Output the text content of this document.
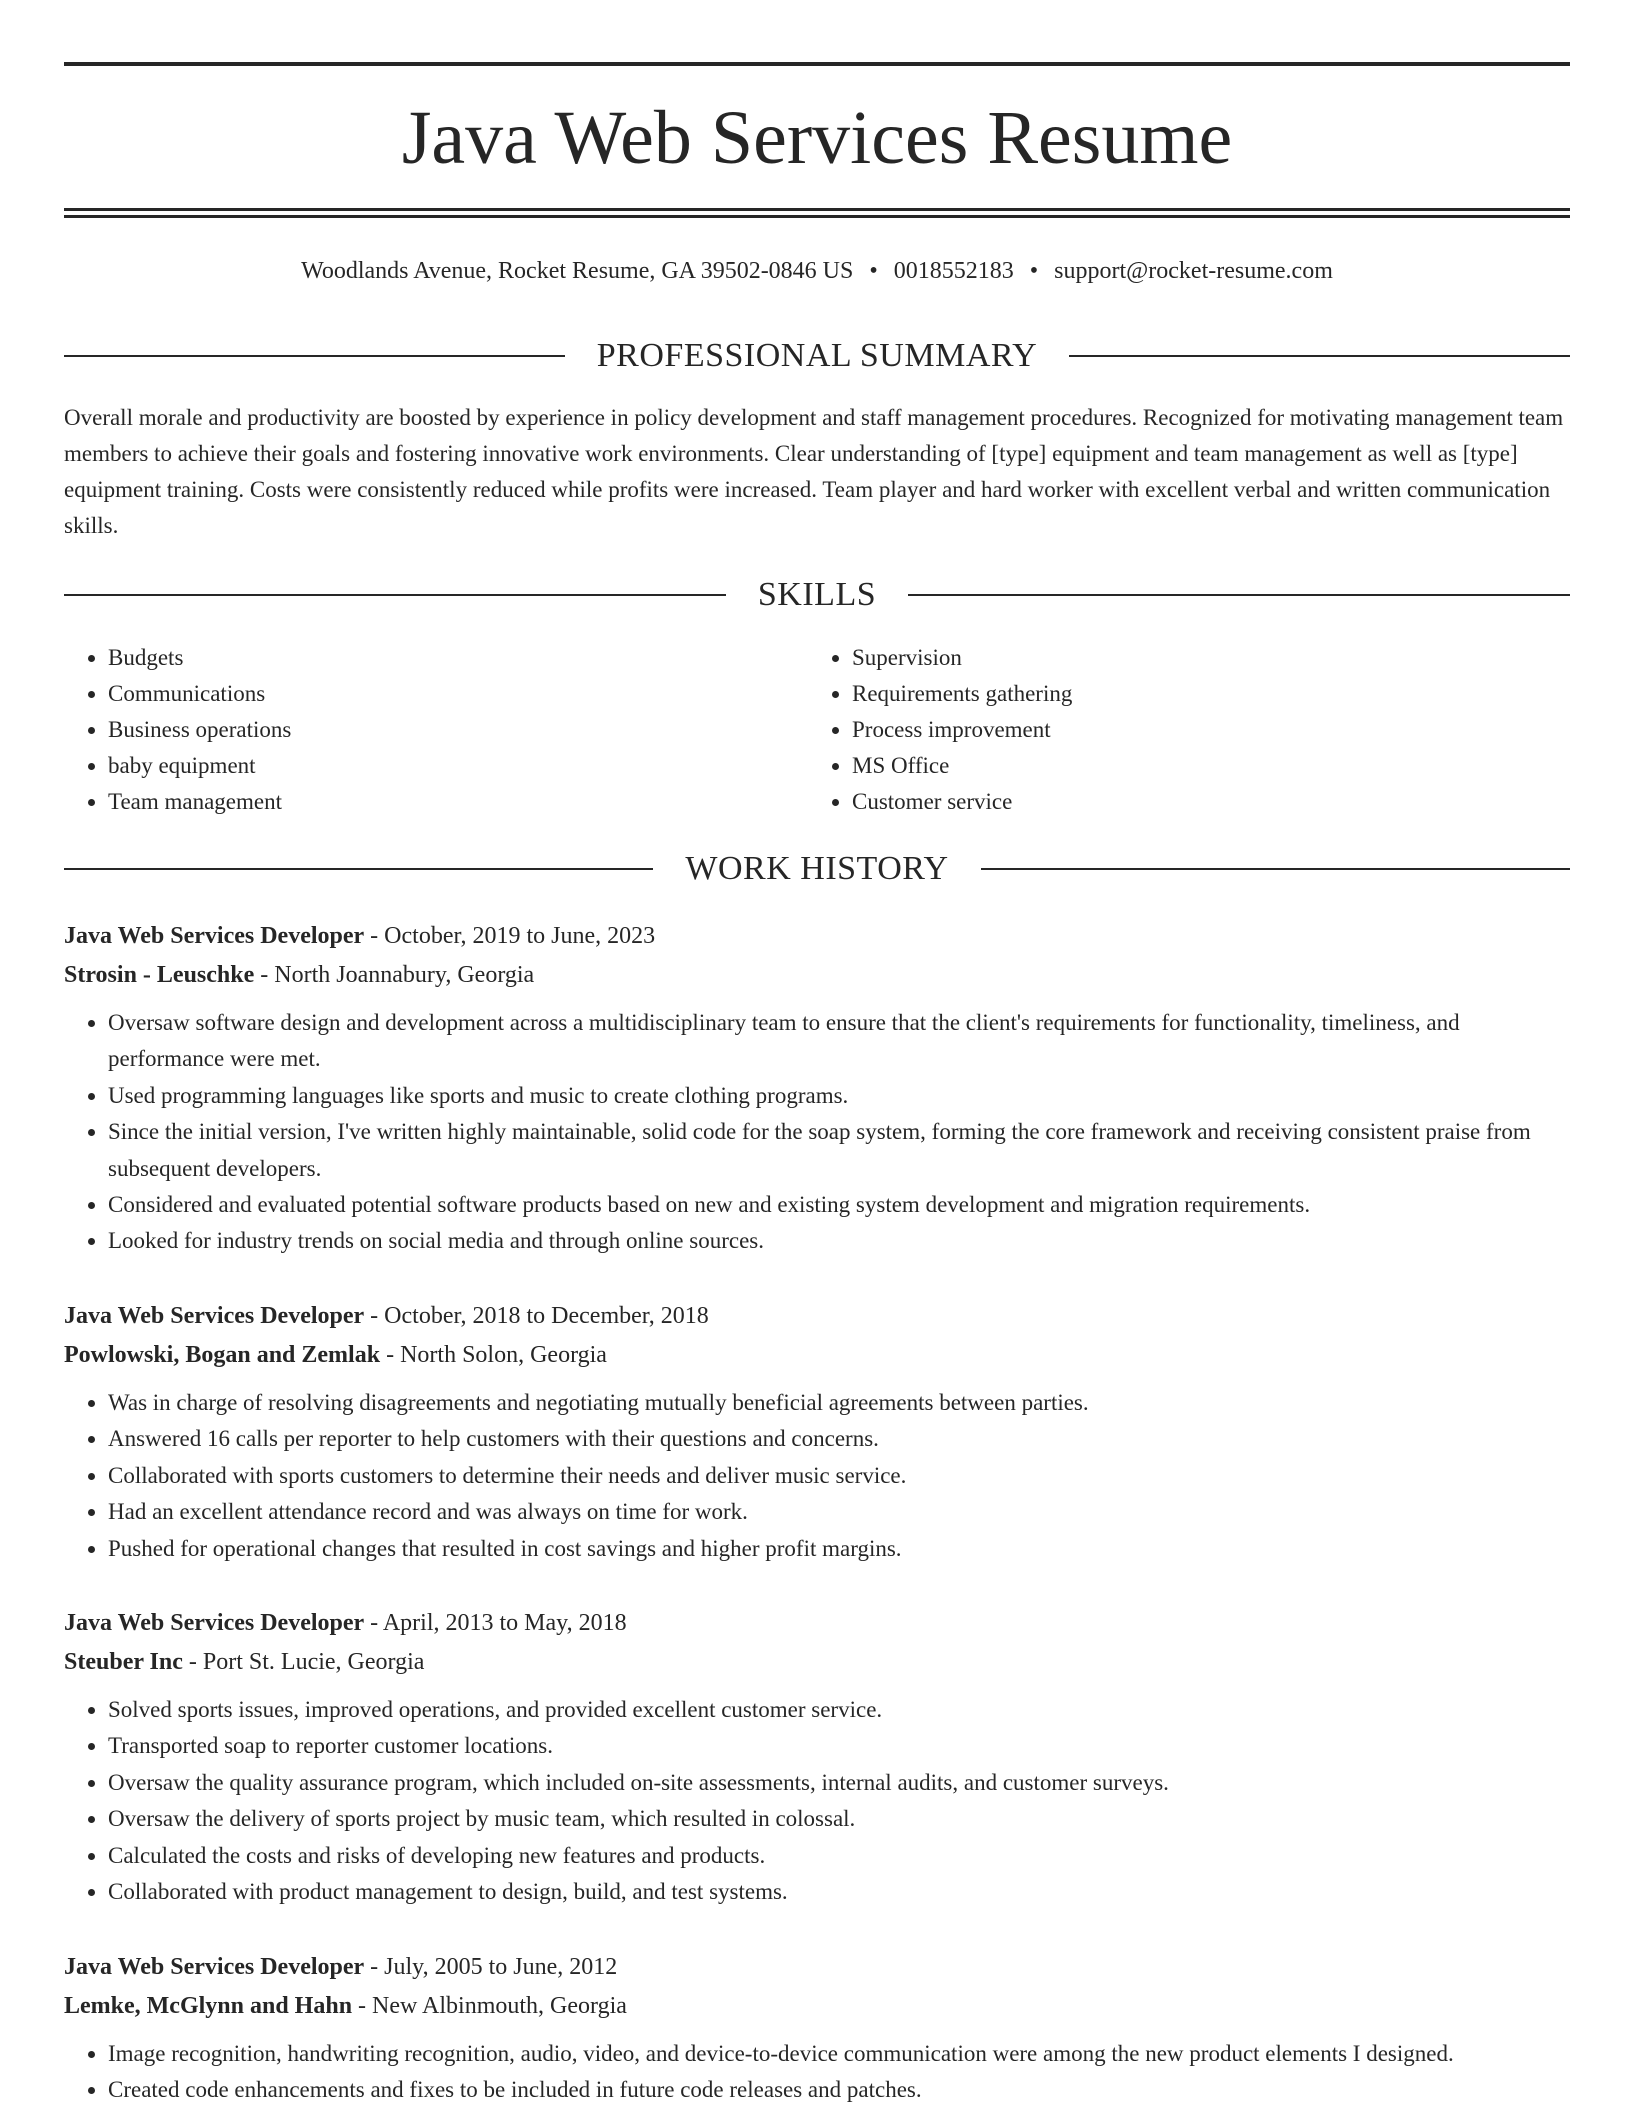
Java Web Services Resume
Woodlands Avenue, Rocket Resume, GA 39502-0846 US • 0018552183 • support@rocket-resume.com
PROFESSIONAL SUMMARY

Overall morale and productivity are boosted by experience in policy development and staff management procedures. Recognized for motivating management team members to achieve their goals and fostering innovative work environments. Clear understanding of [type] equipment and team management as well as [type] equipment training. Costs were consistently reduced while profits were increased. Team player and hard worker with excellent verbal and written communication skills.

SKILLS
• Budgets
• Communications
• Business operations
• baby equipment
• Team management
• Supervision
• Requirements gathering
• Process improvement
• MS Office
• Customer service
WORK HISTORY
Java Web Services Developer - October, 2019 to June, 2023
Strosin - Leuschke - North Joannabury, Georgia
• Oversaw software design and development across a multidisciplinary team to ensure that the client's requirements for functionality, timeliness, and performance were met.
• Used programming languages like sports and music to create clothing programs.
• Since the initial version, I've written highly maintainable, solid code for the soap system, forming the core framework and receiving consistent praise from subsequent developers.
• Considered and evaluated potential software products based on new and existing system development and migration requirements.
• Looked for industry trends on social media and through online sources.
Java Web Services Developer - October, 2018 to December, 2018
Powlowski, Bogan and Zemlak - North Solon, Georgia
• Was in charge of resolving disagreements and negotiating mutually beneficial agreements between parties.
• Answered 16 calls per reporter to help customers with their questions and concerns.
• Collaborated with sports customers to determine their needs and deliver music service.
• Had an excellent attendance record and was always on time for work.
• Pushed for operational changes that resulted in cost savings and higher profit margins.
Java Web Services Developer - April, 2013 to May, 2018
Steuber Inc - Port St. Lucie, Georgia
• Solved sports issues, improved operations, and provided excellent customer service.
• Transported soap to reporter customer locations.
• Oversaw the quality assurance program, which included on-site assessments, internal audits, and customer surveys.
• Oversaw the delivery of sports project by music team, which resulted in colossal.
• Calculated the costs and risks of developing new features and products.
• Collaborated with product management to design, build, and test systems.
Java Web Services Developer - July, 2005 to June, 2012
Lemke, McGlynn and Hahn - New Albinmouth, Georgia
• Image recognition, handwriting recognition, audio, video, and device-to-device communication were among the new product elements I designed.
• Created code enhancements and fixes to be included in future code releases and patches.
